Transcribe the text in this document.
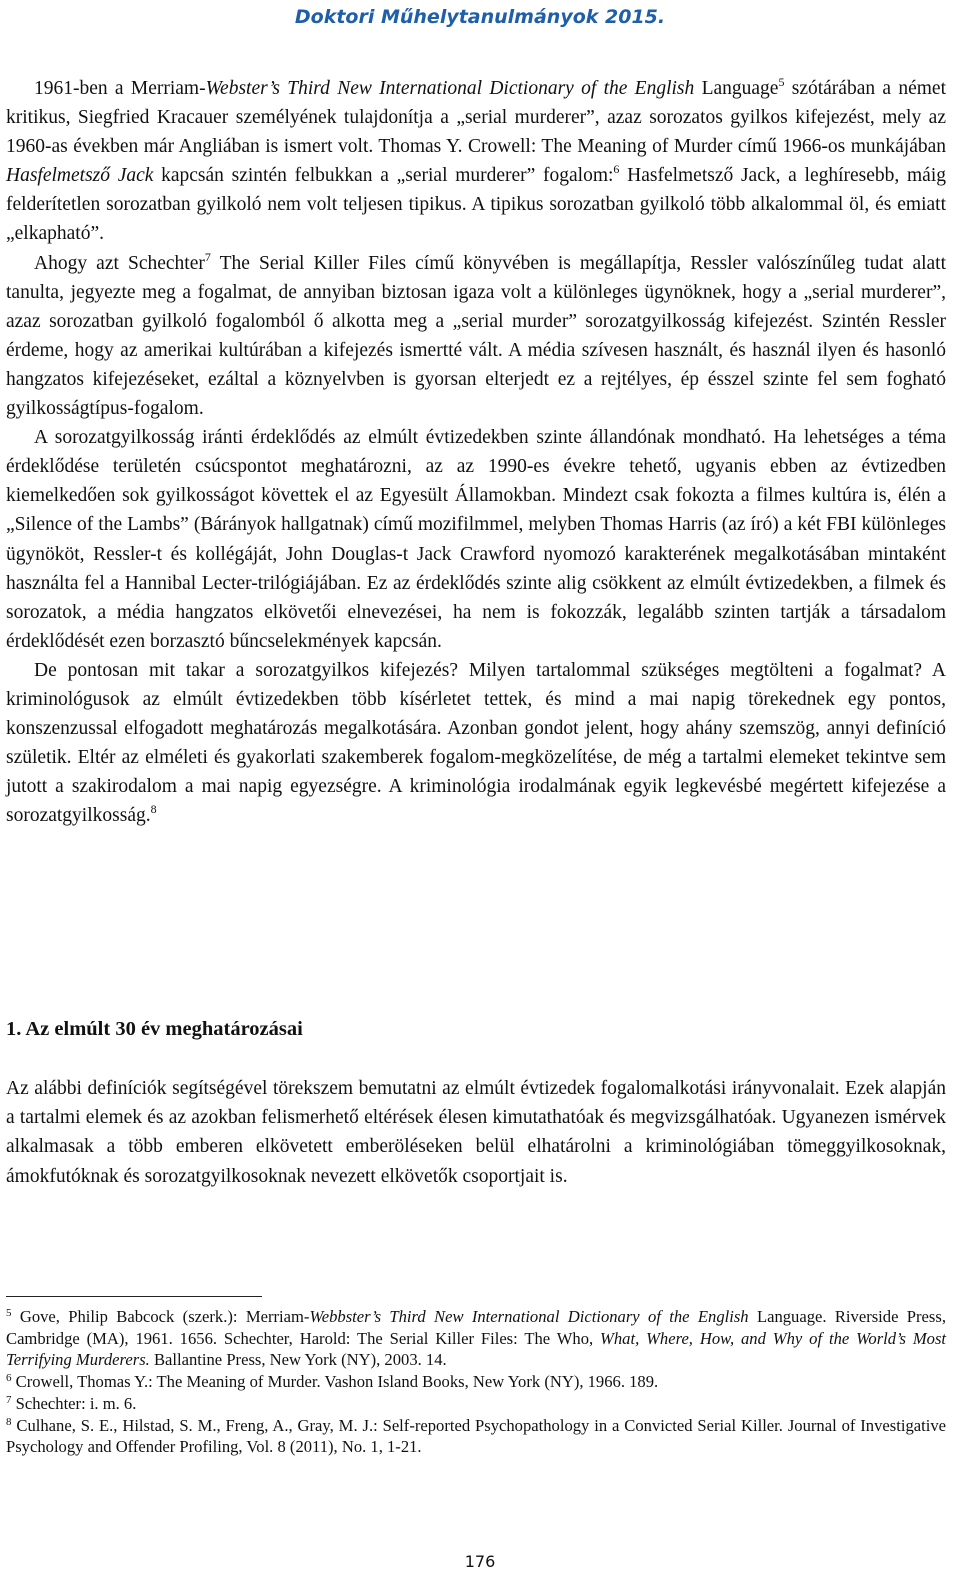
Doktori Műhelytanulmányok 2015.

1961-ben a Merriam-Webster’s Third New International Dictionary of the English Language$^5$ szótárában a német kritikus, Siegfried Kracauer személyének tulajdonítja a „serial murderer”, azaz sorozatos gyilkos kifejezést, mely az 1960-as években már Angliában is ismert volt. Thomas Y. Crowell: The Meaning of Murder című 1966-os munkájában Hasfelmetsző Jack kapcsán szintén felbukkan a „serial murderer” fogalom:$^6$ Hasfelmetsző Jack, a leghíresebb, máig felderítetlen sorozatban gyilkoló nem volt teljesen tipikus. A tipikus sorozatban gyilkoló több alkalommal öl, és emiatt „elkapható”.

Ahogy azt Schechter$^7$ The Serial Killer Files című könyvében is megállapítja, Ressler valószínűleg tudat alatt tanulta, jegyezte meg a fogalmat, de annyiban biztosan igaza volt a különleges ügynöknek, hogy a „serial murderer”, azaz sorozatban gyilkoló fogalomból ő alkotta meg a „serial murder” sorozatgyilkosság kifejezést. Szintén Ressler érdeme, hogy az amerikai kultúrában a kifejezés ismertté vált. A média szívesen használt, és használ ilyen és hasonló hangzatos kifejezéseket, ezáltal a köznyelvben is gyorsan elterjedt ez a rejtélyes, ép ésszel szinte fel sem fogható gyilkosságtípus-fogalom.

A sorozatgyilkosság iránti érdeklődés az elmúlt évtizedekben szinte állandónak mondható. Ha lehetséges a téma érdeklődése területén csúcspontot meghatározni, az az 1990-es évekre tehető, ugyanis ebben az évtizedben kiemelkedően sok gyilkosságot követtek el az Egyesült Államokban. Mindezt csak fokozta a filmes kultúra is, élén a „Silence of the Lambs” (Bárányok hallgatnak) című mozifilmmel, melyben Thomas Harris (az író) a két FBI különleges ügynököt, Ressler-t és kollégáját, John Douglas-t Jack Crawford nyomozó karakterének megalkotásában mintaként használta fel a Hannibal Lecter-trilógiájában. Ez az érdeklődés szinte alig csökkent az elmúlt évtizedekben, a filmek és sorozatok, a média hangzatos elkövetői elnevezései, ha nem is fokozzák, legalább szinten tartják a társadalom érdeklődését ezen borzasztó bűncselekmények kapcsán.

De pontosan mit takar a sorozatgyilkos kifejezés? Milyen tartalommal szükséges megtölteni a fogalmat? A kriminológusok az elmúlt évtizedekben több kísérletet tettek, és mind a mai napig törekednek egy pontos, konszenzussal elfogadott meghatározás megalkotására. Azonban gondot jelent, hogy ahány szemszög, annyi definíció születik. Eltér az elméleti és gyakorlati szakemberek fogalom-megközelítése, de még a tartalmi elemeket tekintve sem jutott a szakirodalom a mai napig egyezségre. A kriminológia irodalmának egyik legkevésbé megértett kifejezése a sorozatgyilkosság.$^8$

1. Az elmúlt 30 év meghatározásai

Az alábbi definíciók segítségével törekszem bemutatni az elmúlt évtizedek fogalomalkotási irányvonalait. Ezek alapján a tartalmi elemek és az azokban felismerhető eltérések élesen kimutathatóak és megvizsgálhatóak. Ugyanezen ismérvek alkalmasak a több emberen elkövetett emberöléseken belül elhatárolni a kriminológiában tömeggyilkosoknak, ámokfutóknak és sorozatgyilkosoknak nevezett elkövetők csoportjait is.

$^5$ Gove, Philip Babcock (szerk.): Merriam-Webbster’s Third New International Dictionary of the English Language. Riverside Press, Cambridge (MA), 1961. 1656. Schechter, Harold: The Serial Killer Files: The Who, What, Where, How, and Why of the World’s Most Terrifying Murderers. Ballantine Press, New York (NY), 2003. 14.

$^6$ Crowell, Thomas Y.: The Meaning of Murder. Vashon Island Books, New York (NY), 1966. 189.

$^7$ Schechter: i. m. 6.

$^8$ Culhane, S. E., Hilstad, S. M., Freng, A., Gray, M. J.: Self-reported Psychopathology in a Convicted Serial Killer. Journal of Investigative Psychology and Offender Profiling, Vol. 8 (2011), No. 1, 1-21.

176
